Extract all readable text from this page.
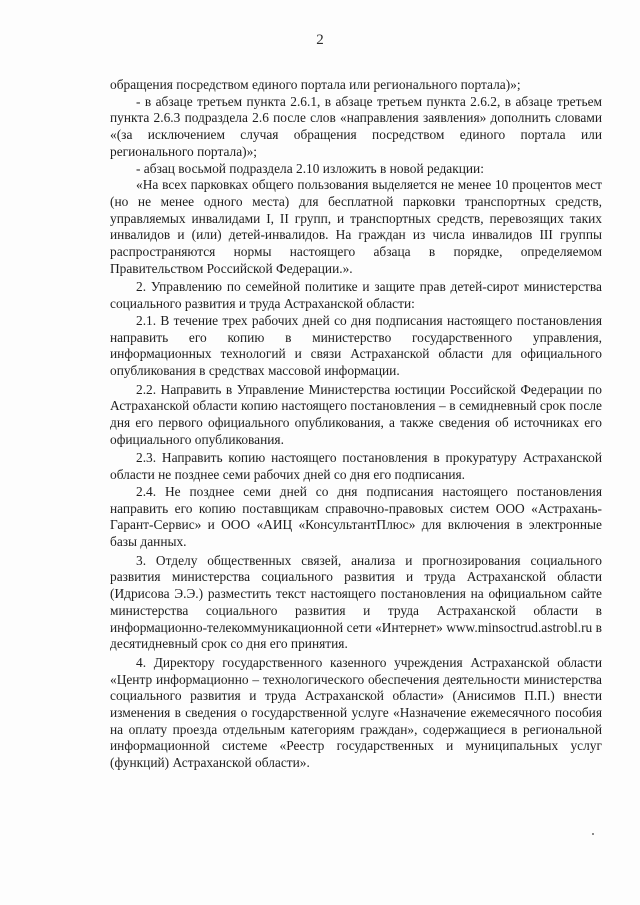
2

обращения посредством единого портала или регионального портала)»;

- в абзаце третьем пункта 2.6.1, в абзаце третьем пункта 2.6.2, в абзаце третьем пункта 2.6.3 подраздела 2.6 после слов «направления заявления» дополнить словами «(за исключением случая обращения посредством единого портала или регионального портала)»;

- абзац восьмой подраздела 2.10 изложить в новой редакции:

«На всех парковках общего пользования выделяется не менее 10 процентов мест (но не менее одного места) для бесплатной парковки транспортных средств, управляемых инвалидами I, II групп, и транспортных средств, перевозящих таких инвалидов и (или) детей-инвалидов. На граждан из числа инвалидов III группы распространяются нормы настоящего абзаца в порядке, определяемом Правительством Российской Федерации.».

2. Управлению по семейной политике и защите прав детей-сирот министерства социального развития и труда Астраханской области:

2.1. В течение трех рабочих дней со дня подписания настоящего постановления направить его копию в министерство государственного управления, информационных технологий и связи Астраханской области для официального опубликования в средствах массовой информации.

2.2. Направить в Управление Министерства юстиции Российской Федерации по Астраханской области копию настоящего постановления – в семидневный срок после дня его первого официального опубликования, а также сведения об источниках его официального опубликования.

2.3. Направить копию настоящего постановления в прокуратуру Астраханской области не позднее семи рабочих дней со дня его подписания.

2.4. Не позднее семи дней со дня подписания настоящего постановления направить его копию поставщикам справочно-правовых систем ООО «Астрахань-Гарант-Сервис» и ООО «АИЦ «КонсультантПлюс» для включения в электронные базы данных.

3. Отделу общественных связей, анализа и прогнозирования социального развития министерства социального развития и труда Астраханской области (Идрисова Э.Э.) разместить текст настоящего постановления на официальном сайте министерства социального развития и труда Астраханской области в информационно-телекоммуникационной сети «Интернет» www.minsoctrud.astrobl.ru в десятидневный срок со дня его принятия.

4. Директору государственного казенного учреждения Астраханской области «Центр информационно – технологического обеспечения деятельности министерства социального развития и труда Астраханской области» (Анисимов П.П.) внести изменения в сведения о государственной услуге «Назначение ежемесячного пособия на оплату проезда отдельным категориям граждан», содержащиеся в региональной информационной системе «Реестр государственных и муниципальных услуг (функций) Астраханской области».
